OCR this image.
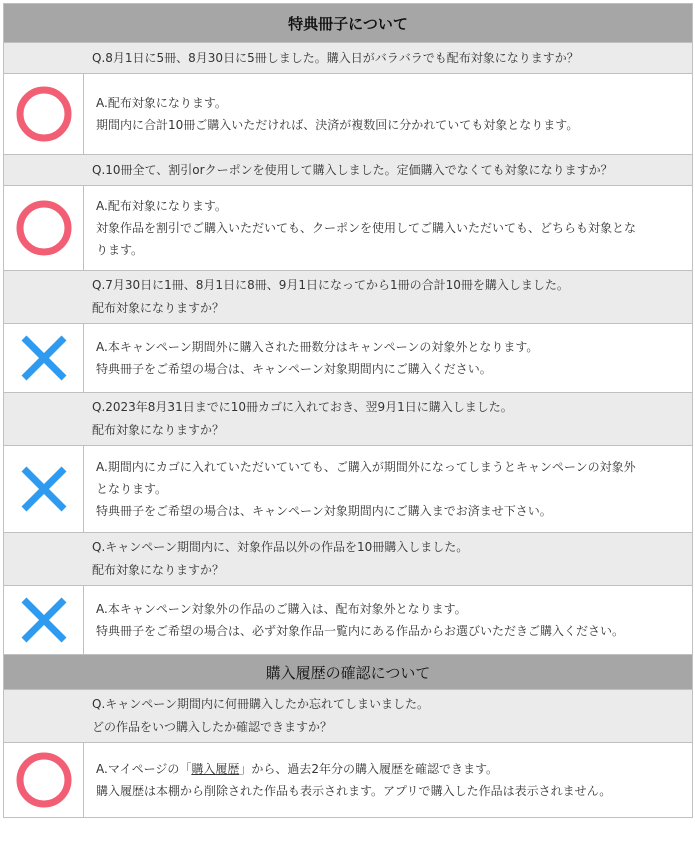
特典冊子について	

Q.8月1日に5冊、8月30日に5冊しました。購入日がバラバラでも配布対象になりますか？	

A.配布対象になります。
期間内に合計10冊ご購入いただければ、決済が複数回に分かれていても対象となります。

Q.10冊全て、割引orクーポンを使用して購入しました。定価購入でなくても対象になりますか？	

A.配布対象になります。
対象作品を割引でご購入いただいても、クーポンを使用してご購入いただいても、どちらも対象とな
ります。

Q.7月30日に1冊、8月1日に8冊、9月1日になってから1冊の合計10冊を購入しました。
配布対象になりますか？	

A.本キャンペーン期間外に購入された冊数分はキャンペーンの対象外となります。
特典冊子をご希望の場合は、キャンペーン対象期間内にご購入ください。

Q.2023年8月31日までに10冊カゴに入れておき、翌9月1日に購入しました。
配布対象になりますか？	

A.期間内にカゴに入れていただいていても、ご購入が期間外になってしまうとキャンペーンの対象外
となります。
特典冊子をご希望の場合は、キャンペーン対象期間内にご購入までお済ませ下さい。

Q.キャンペーン期間内に、対象作品以外の作品を10冊購入しました。
配布対象になりますか？	

A.本キャンペーン対象外の作品のご購入は、配布対象外となります。
特典冊子をご希望の場合は、必ず対象作品一覧内にある作品からお選びいただきご購入ください。

購入履歴の確認について	

Q.キャンペーン期間内に何冊購入したか忘れてしまいました。
どの作品をいつ購入したか確認できますか？	

A.マイページの「購入履歴」から、過去2年分の購入履歴を確認できます。
購入履歴は本棚から削除された作品も表示されます。アプリで購入した作品は表示されません。
